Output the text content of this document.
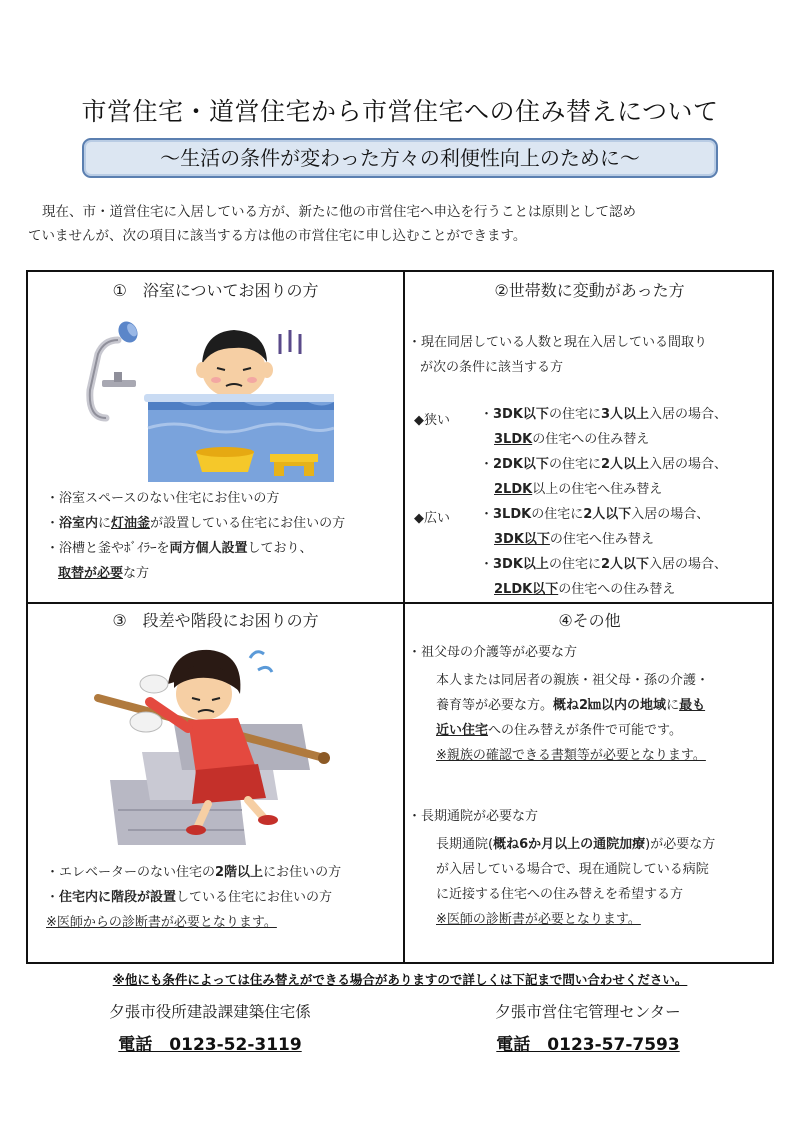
市営住宅・道営住宅から市営住宅への住み替えについて
～生活の条件が変わった方々の利便性向上のために～
現在、市・道営住宅に入居している方が、新たに他の市営住宅へ申込を行うことは原則として認め
ていませんが、次の項目に該当する方は他の市営住宅に申し込むことができます。
①　浴室についてお困りの方
・浴室スペースのない住宅にお住いの方
・浴室内に灯油釜が設置している住宅にお住いの方
・浴槽と釜やﾎﾞｲﾗｰを両方個人設置しており、
取替が必要な方
②世帯数に変動があった方
・現在同居している人数と現在入居している間取り
が次の条件に該当する方
◆狭い
◆広い
・3DK以下の住宅に3人以上入居の場合、
3LDKの住宅への住み替え
・2DK以下の住宅に2人以上入居の場合、
2LDK以上の住宅へ住み替え
・3LDKの住宅に2人以下入居の場合、
3DK以下の住宅へ住み替え
・3DK以上の住宅に2人以下入居の場合、
2LDK以下の住宅への住み替え
③　段差や階段にお困りの方
・エレベーターのない住宅の2階以上にお住いの方
・住宅内に階段が設置している住宅にお住いの方
※医師からの診断書が必要となります。
④その他
・祖父母の介護等が必要な方
本人または同居者の親族・祖父母・孫の介護・
養育等が必要な方。概ね2㎞以内の地域に最も
近い住宅への住み替えが条件で可能です。
※親族の確認できる書類等が必要となります。
・長期通院が必要な方
長期通院(概ね6か月以上の通院加療)が必要な方
が入居している場合で、現在通院している病院
に近接する住宅への住み替えを希望する方
※医師の診断書が必要となります。
※他にも条件によっては住み替えができる場合がありますので詳しくは下記まで問い合わせください。
夕張市役所建設課建築住宅係
電話　0123-52-3119
夕張市営住宅管理センター
電話　0123-57-7593
